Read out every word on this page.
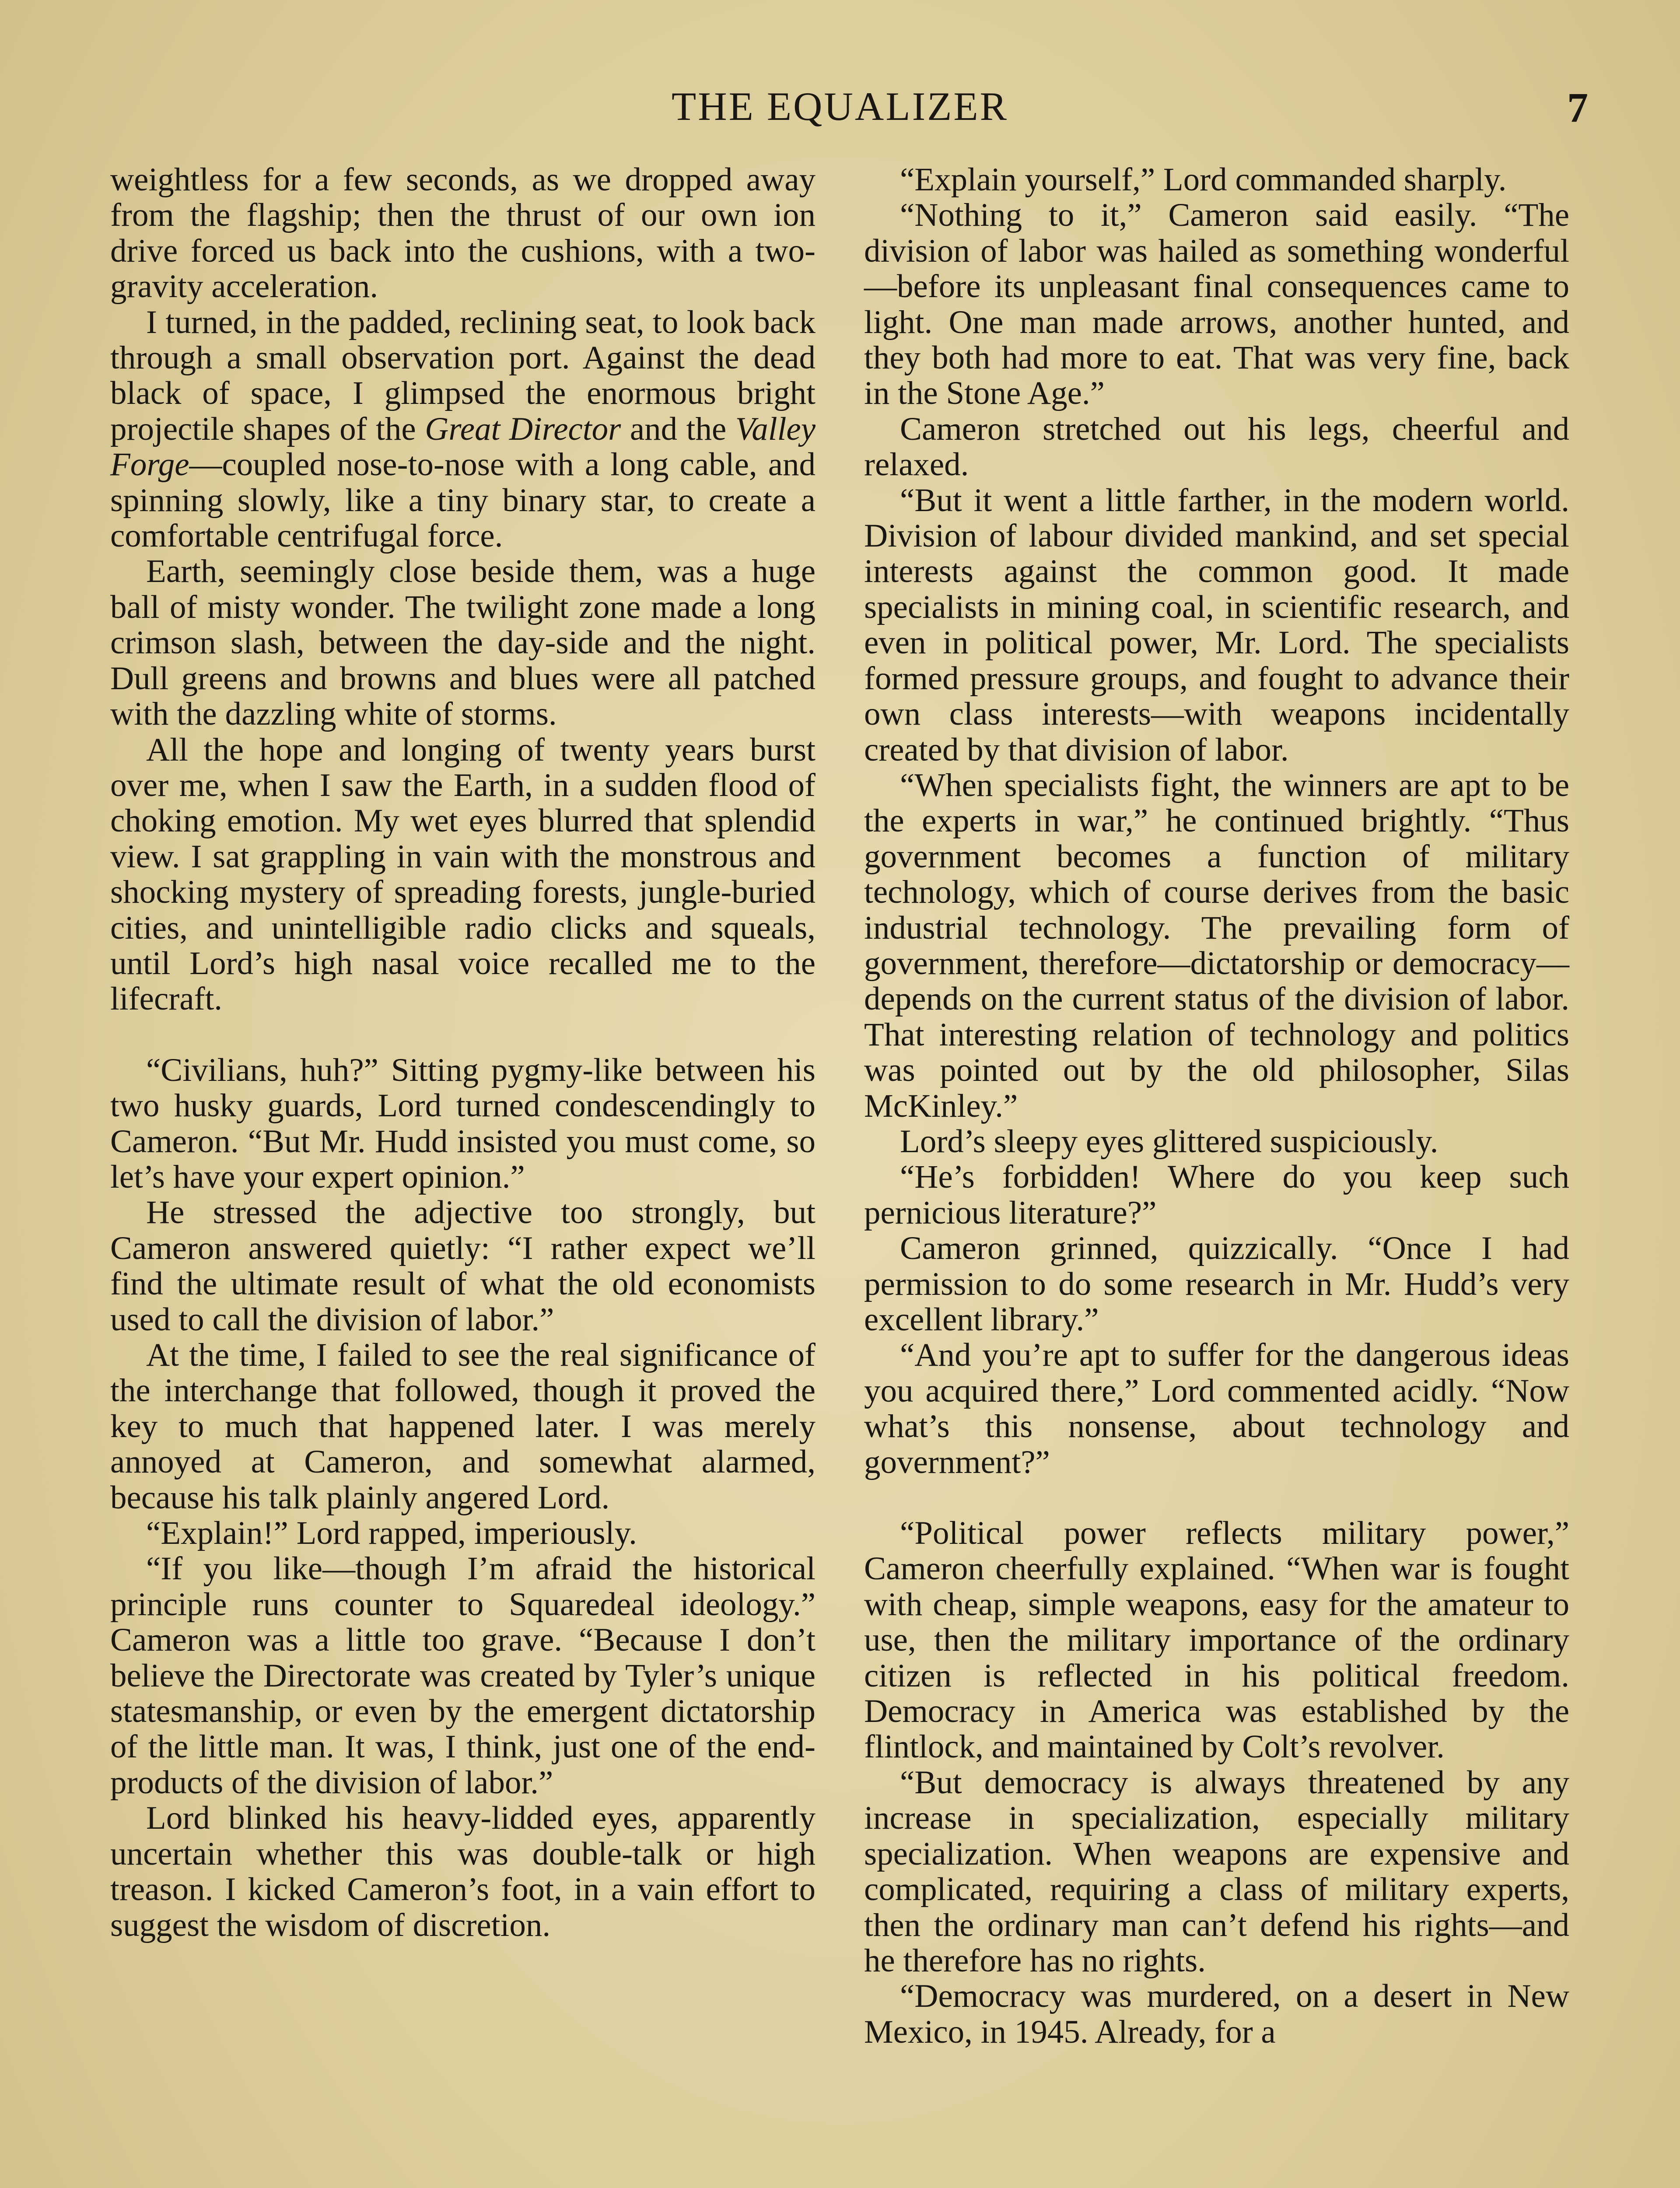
THE EQUALIZER	7

weightless for a few seconds, as we dropped away from the flagship; then the thrust of our own ion drive forced us back into the cushions, with a two-gravity acceleration.

I turned, in the padded, reclining seat, to look back through a small observation port. Against the dead black of space, I glimpsed the enormous bright projectile shapes of the Great Director and the Valley Forge—coupled nose-to-nose with a long cable, and spinning slowly, like a tiny binary star, to create a comfortable centrifugal force.

Earth, seemingly close beside them, was a huge ball of misty wonder. The twilight zone made a long crimson slash, between the day-side and the night. Dull greens and browns and blues were all patched with the dazzling white of storms.

All the hope and longing of twenty years burst over me, when I saw the Earth, in a sudden flood of choking emotion. My wet eyes blurred that splendid view. I sat grappling in vain with the monstrous and shocking mystery of spreading forests, jungle-buried cities, and unintelligible radio clicks and squeals, until Lord’s high nasal voice recalled me to the lifecraft.

“Civilians, huh?” Sitting pygmy-like between his two husky guards, Lord turned condescendingly to Cameron. “But Mr. Hudd insisted you must come, so let’s have your expert opinion.”

He stressed the adjective too strongly, but Cameron answered quietly: “I rather expect we’ll find the ultimate result of what the old economists used to call the division of labor.”

At the time, I failed to see the real significance of the interchange that followed, though it proved the key to much that happened later. I was merely annoyed at Cameron, and somewhat alarmed, because his talk plainly angered Lord.

“Explain!” Lord rapped, imperiously.

“If you like—though I’m afraid the historical principle runs counter to Squaredeal ideology.” Cameron was a little too grave. “Because I don’t believe the Directorate was created by Tyler’s unique statesmanship, or even by the emergent dictatorship of the little man. It was, I think, just one of the end-products of the division of labor.”

Lord blinked his heavy-lidded eyes, apparently uncertain whether this was double-talk or high treason. I kicked Cameron’s foot, in a vain effort to suggest the wisdom of discretion.

“Explain yourself,” Lord commanded sharply.

“Nothing to it,” Cameron said easily. “The division of labor was hailed as something wonderful—before its unpleasant final consequences came to light. One man made arrows, another hunted, and they both had more to eat. That was very fine, back in the Stone Age.”

Cameron stretched out his legs, cheerful and relaxed.

“But it went a little farther, in the modern world. Division of labour divided mankind, and set special interests against the common good. It made specialists in mining coal, in scientific research, and even in political power, Mr. Lord. The specialists formed pressure groups, and fought to advance their own class interests—with weapons incidentally created by that division of labor.

“When specialists fight, the winners are apt to be the experts in war,” he continued brightly. “Thus government becomes a function of military technology, which of course derives from the basic industrial technology. The prevailing form of government, therefore—dictatorship or democracy—depends on the current status of the division of labor. That interesting relation of technology and politics was pointed out by the old philosopher, Silas McKinley.”

Lord’s sleepy eyes glittered suspiciously.

“He’s forbidden! Where do you keep such pernicious literature?”

Cameron grinned, quizzically. “Once I had permission to do some research in Mr. Hudd’s very excellent library.”

“And you’re apt to suffer for the dangerous ideas you acquired there,” Lord commented acidly. “Now what’s this nonsense, about technology and government?”

“Political power reflects military power,” Cameron cheerfully explained. “When war is fought with cheap, simple weapons, easy for the amateur to use, then the military importance of the ordinary citizen is reflected in his political freedom. Democracy in America was established by the flintlock, and maintained by Colt’s revolver.

“But democracy is always threatened by any increase in specialization, especially military specialization. When weapons are expensive and complicated, requiring a class of military experts, then the ordinary man can’t defend his rights—and he therefore has no rights.

“Democracy was murdered, on a desert in New Mexico, in 1945. Already, for a
